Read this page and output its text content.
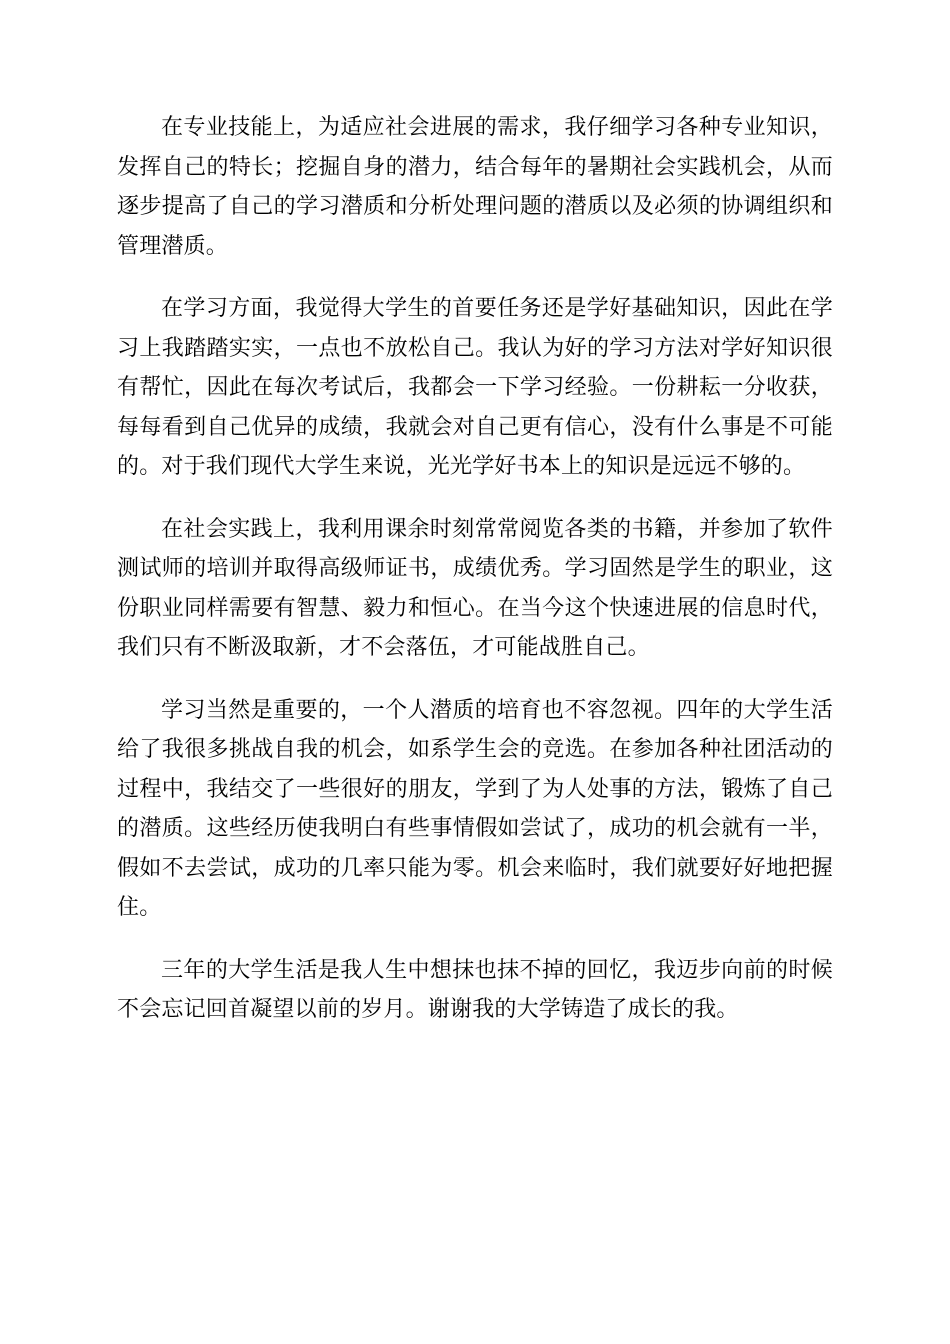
在专业技能上，为适应社会进展的需求，我仔细学习各种专业知识，发挥自己的特长；挖掘自身的潜力，结合每年的暑期社会实践机会，从而逐步提高了自己的学习潜质和分析处理问题的潜质以及必须的协调组织和管理潜质。

在学习方面，我觉得大学生的首要任务还是学好基础知识，因此在学习上我踏踏实实，一点也不放松自己。我认为好的学习方法对学好知识很有帮忙，因此在每次考试后，我都会一下学习经验。一份耕耘一分收获，每每看到自己优异的成绩，我就会对自己更有信心，没有什么事是不可能的。对于我们现代大学生来说，光光学好书本上的知识是远远不够的。

在社会实践上，我利用课余时刻常常阅览各类的书籍，并参加了软件测试师的培训并取得高级师证书，成绩优秀。学习固然是学生的职业，这份职业同样需要有智慧、毅力和恒心。在当今这个快速进展的信息时代，我们只有不断汲取新，才不会落伍，才可能战胜自己。

学习当然是重要的，一个人潜质的培育也不容忽视。四年的大学生活给了我很多挑战自我的机会，如系学生会的竞选。在参加各种社团活动的过程中，我结交了一些很好的朋友，学到了为人处事的方法，锻炼了自己的潜质。这些经历使我明白有些事情假如尝试了，成功的机会就有一半，假如不去尝试，成功的几率只能为零。机会来临时，我们就要好好地把握住。

三年的大学生活是我人生中想抹也抹不掉的回忆，我迈步向前的时候不会忘记回首凝望以前的岁月。谢谢我的大学铸造了成长的我。
